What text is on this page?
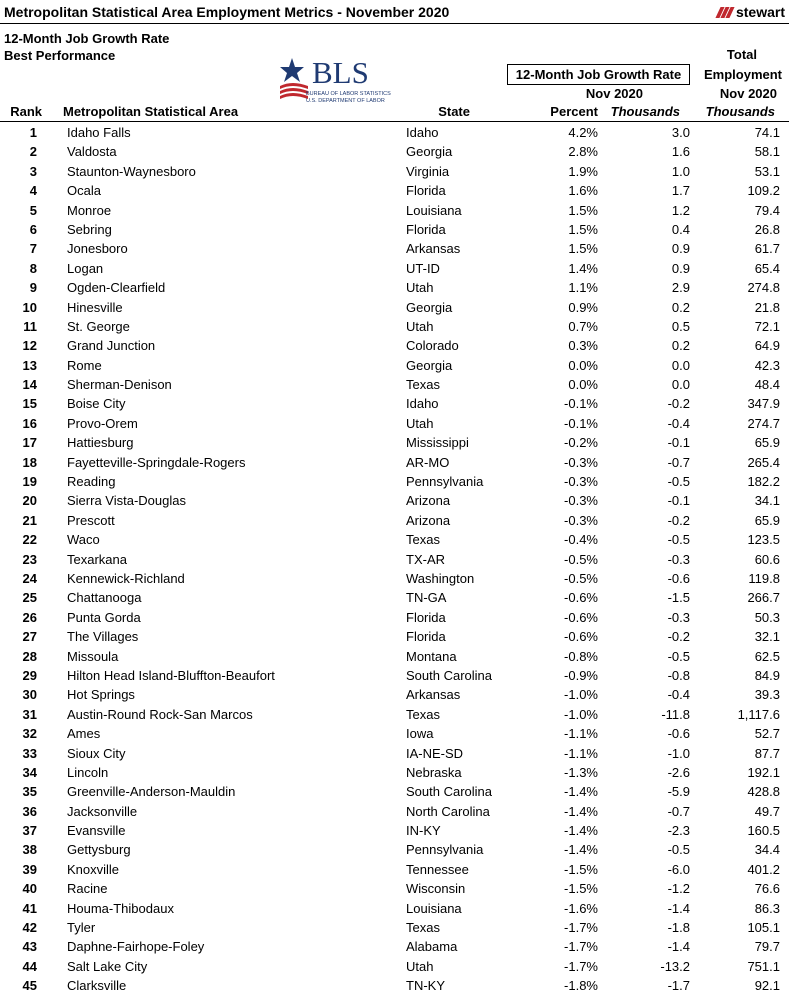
Metropolitan Statistical Area Employment Metrics - November 2020	stewart
12-Month Job Growth Rate
Best Performance	BLS
BUREAU OF LABOR STATISTICS
U.S. DEPARTMENT OF LABOR
Rank Metropolitan Statistical Area	State
12-Month Job Growth Rate
Nov 2020
Percent Thousands
Total
Employment
Nov 2020
Thousands
1 Idaho Falls	Idaho	4.2%	3.0	74.1
2 Valdosta	Georgia	2.8%	1.6	58.1
3 Staunton-Waynesboro	Virginia	1.9%	1.0	53.1
4 Ocala	Florida	1.6%	1.7	109.2
5 Monroe	Louisiana	1.5%	1.2	79.4
6 Sebring	Florida	1.5%	0.4	26.8
7 Jonesboro	Arkansas	1.5%	0.9	61.7
8 Logan	UT-ID	1.4%	0.9	65.4
9 Ogden-Clearfield	Utah	1.1%	2.9	274.8
10 Hinesville	Georgia	0.9%	0.2	21.8
11 St. George	Utah	0.7%	0.5	72.1
12 Grand Junction	Colorado	0.3%	0.2	64.9
13 Rome	Georgia	0.0%	0.0	42.3
14 Sherman-Denison	Texas	0.0%	0.0	48.4
15 Boise City	Idaho	-0.1%	-0.2	347.9
16 Provo-Orem	Utah	-0.1%	-0.4	274.7
17 Hattiesburg	Mississippi	-0.2%	-0.1	65.9
18 Fayetteville-Springdale-Rogers	AR-MO	-0.3%	-0.7	265.4
19 Reading	Pennsylvania	-0.3%	-0.5	182.2
20 Sierra Vista-Douglas	Arizona	-0.3%	-0.1	34.1
21 Prescott	Arizona	-0.3%	-0.2	65.9
22 Waco	Texas	-0.4%	-0.5	123.5
23 Texarkana	TX-AR	-0.5%	-0.3	60.6
24 Kennewick-Richland	Washington	-0.5%	-0.6	119.8
25 Chattanooga	TN-GA	-0.6%	-1.5	266.7
26 Punta Gorda	Florida	-0.6%	-0.3	50.3
27 The Villages	Florida	-0.6%	-0.2	32.1
28 Missoula	Montana	-0.8%	-0.5	62.5
29 Hilton Head Island-Bluffton-Beaufort	South Carolina	-0.9%	-0.8	84.9
30 Hot Springs	Arkansas	-1.0%	-0.4	39.3
31 Austin-Round Rock-San Marcos	Texas	-1.0%	-11.8	1,117.6
32 Ames	Iowa	-1.1%	-0.6	52.7
33 Sioux City	IA-NE-SD	-1.1%	-1.0	87.7
34 Lincoln	Nebraska	-1.3%	-2.6	192.1
35 Greenville-Anderson-Mauldin	South Carolina	-1.4%	-5.9	428.8
36 Jacksonville	North Carolina	-1.4%	-0.7	49.7
37 Evansville	IN-KY	-1.4%	-2.3	160.5
38 Gettysburg	Pennsylvania	-1.4%	-0.5	34.4
39 Knoxville	Tennessee	-1.5%	-6.0	401.2
40 Racine	Wisconsin	-1.5%	-1.2	76.6
41 Houma-Thibodaux	Louisiana	-1.6%	-1.4	86.3
42 Tyler	Texas	-1.7%	-1.8	105.1
43 Daphne-Fairhope-Foley	Alabama	-1.7%	-1.4	79.7
44 Salt Lake City	Utah	-1.7%	-13.2	751.1
45 Clarksville	TN-KY	-1.8%	-1.7	92.1
